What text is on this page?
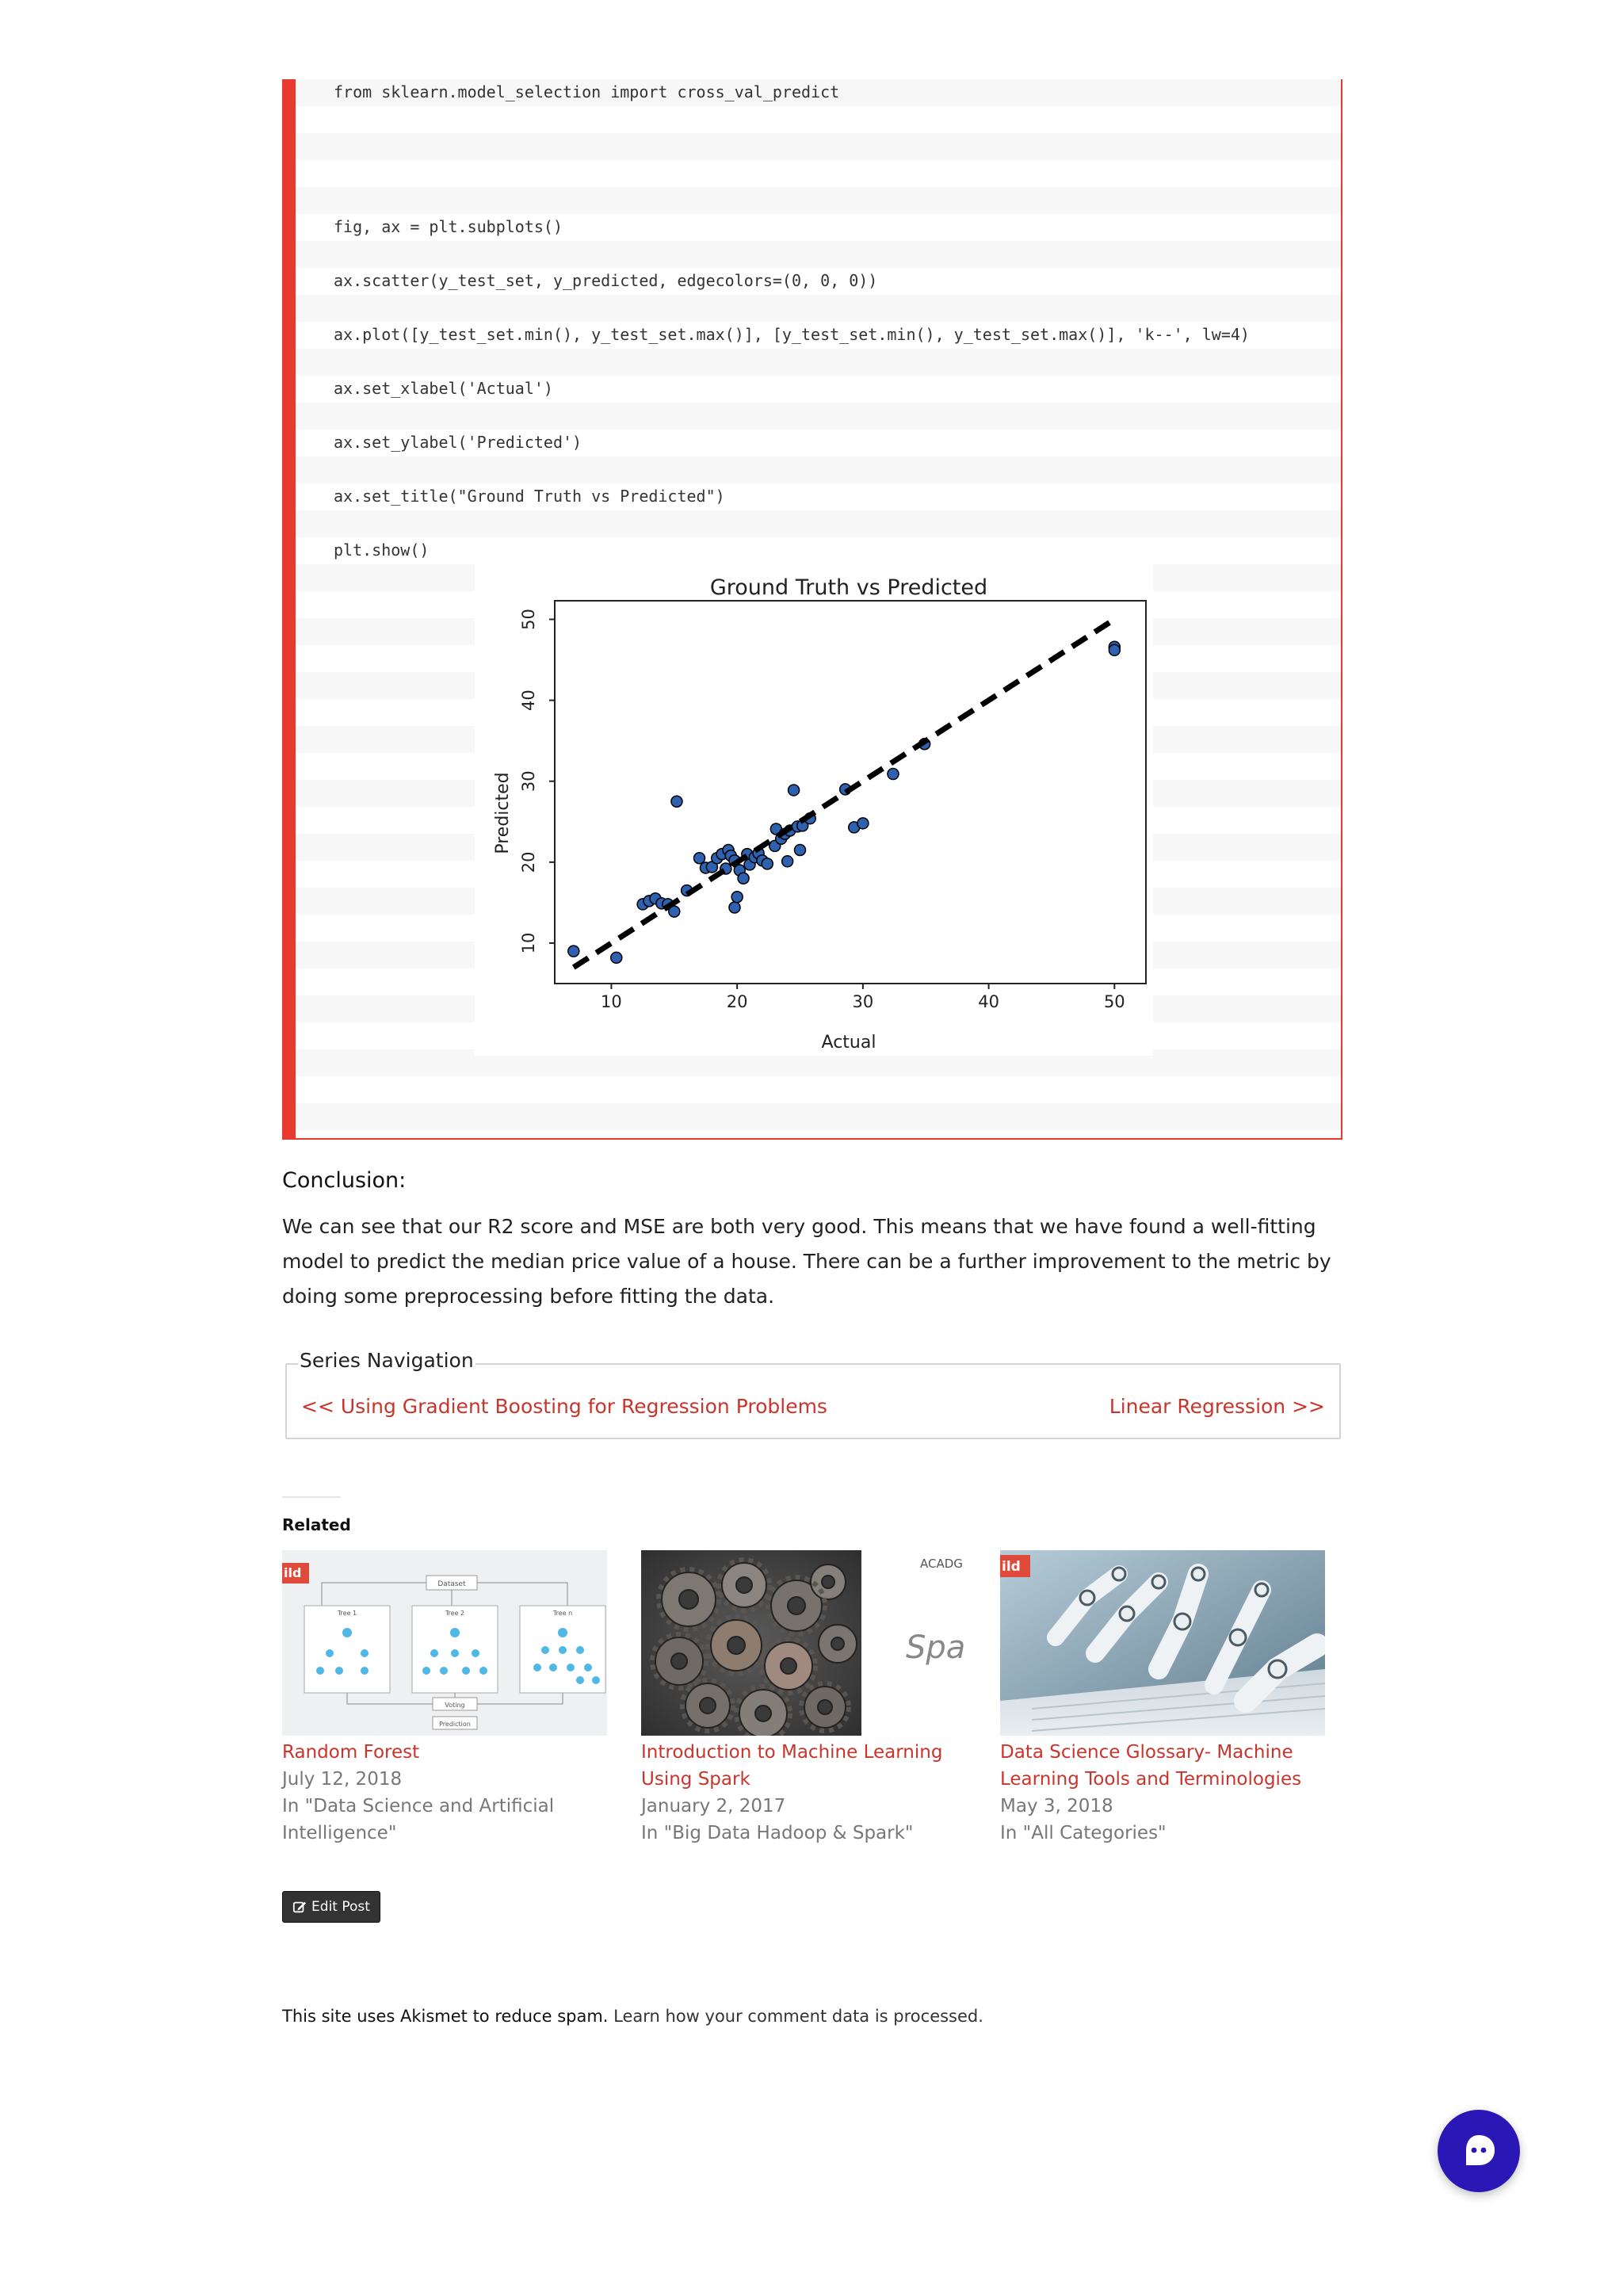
from sklearn.model_selection import cross_val_predict
fig, ax = plt.subplots()
ax.scatter(y_test_set, y_predicted, edgecolors=(0, 0, 0))
ax.plot([y_test_set.min(), y_test_set.max()], [y_test_set.min(), y_test_set.max()], 'k--', lw=4)
ax.set_xlabel('Actual')
ax.set_ylabel('Predicted')
ax.set_title("Ground Truth vs Predicted")
plt.show()
Ground Truth vs Predicted
10	20	30	40	50
10
20
30
40
50
Actual
Predicted
Conclusion:
We can see that our R2 score and MSE are both very good. This means that we have found a well-fitting model to predict the median price value of a house. There can be a further improvement to the metric by doing some preprocessing before fitting the data.
Series Navigation
<< Using Gradient Boosting for Regression Problems	Linear Regression >>
Related
ild
Dataset
Tree 1	Tree 2	Tree n
Voting
Prediction
Random Forest
July 12, 2018
In "Data Science and Artificial Intelligence"
ACADG
Spa
Introduction to Machine Learning Using Spark
January 2, 2017
In "Big Data Hadoop & Spark"
ild
Data Science Glossary- Machine Learning Tools and Terminologies
May 3, 2018
In "All Categories"
Edit Post
This site uses Akismet to reduce spam. Learn how your comment data is processed.
